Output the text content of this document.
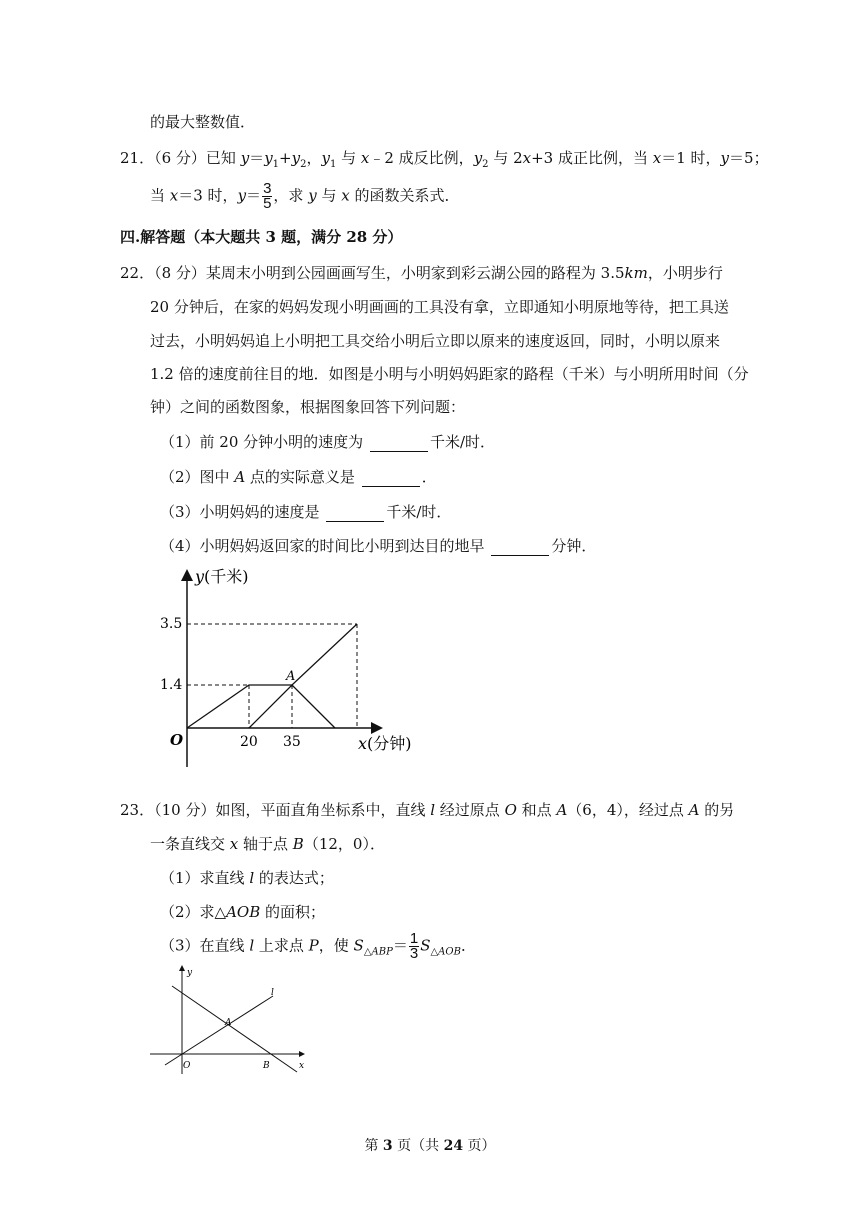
的最大整数值．
21．（6 分）已知 $y=y_1+y_2$，$y_1$ 与 x﹣2 成反比例，$y_2$ 与 2x+3 成正比例，当 x＝1 时，y＝5；
当 x＝3 时，$y= \frac{3}{5}$ ，求 y 与 x 的函数关系式．
四.解答题（本大题共 3 题，满分 28 分）
22．（8 分）某周末小明到公园画画写生，小明家到彩云湖公园的路程为 3.5km，小明步行
20 分钟后，在家的妈妈发现小明画画的工具没有拿，立即通知小明原地等待，把工具送
过去，小明妈妈追上小明把工具交给小明后立即以原来的速度返回，同时，小明以原来
1.2 倍的速度前往目的地．如图是小明与小明妈妈距家的路程（千米）与小明所用时间（分
钟）之间的函数图象，根据图象回答下列问题：
（1）前 20 分钟小明的速度为	千米/时．
（2）图中 A 点的实际意义是	．
（3）小明妈妈的速度是	千米/时．
（4）小明妈妈返回家的时间比小明到达目的地早	分钟．
y(千米)
3.5
1.4
O	20 35
A
x(分钟)
23．（10 分）如图，平面直角坐标系中，直线 l 经过原点 O 和点 A（6，4），经过点 A 的另
一条直线交 x 轴于点 B（12，0）．
（1）求直线 l 的表达式；
（2）求△AOB 的面积；
（3）在直线 l 上求点 P，使 $S_{\triangle ABP}= \frac{1}{3} S_{\triangle AOB}$．
y
x
l
A
O	B
第 3 页（共 24 页）
